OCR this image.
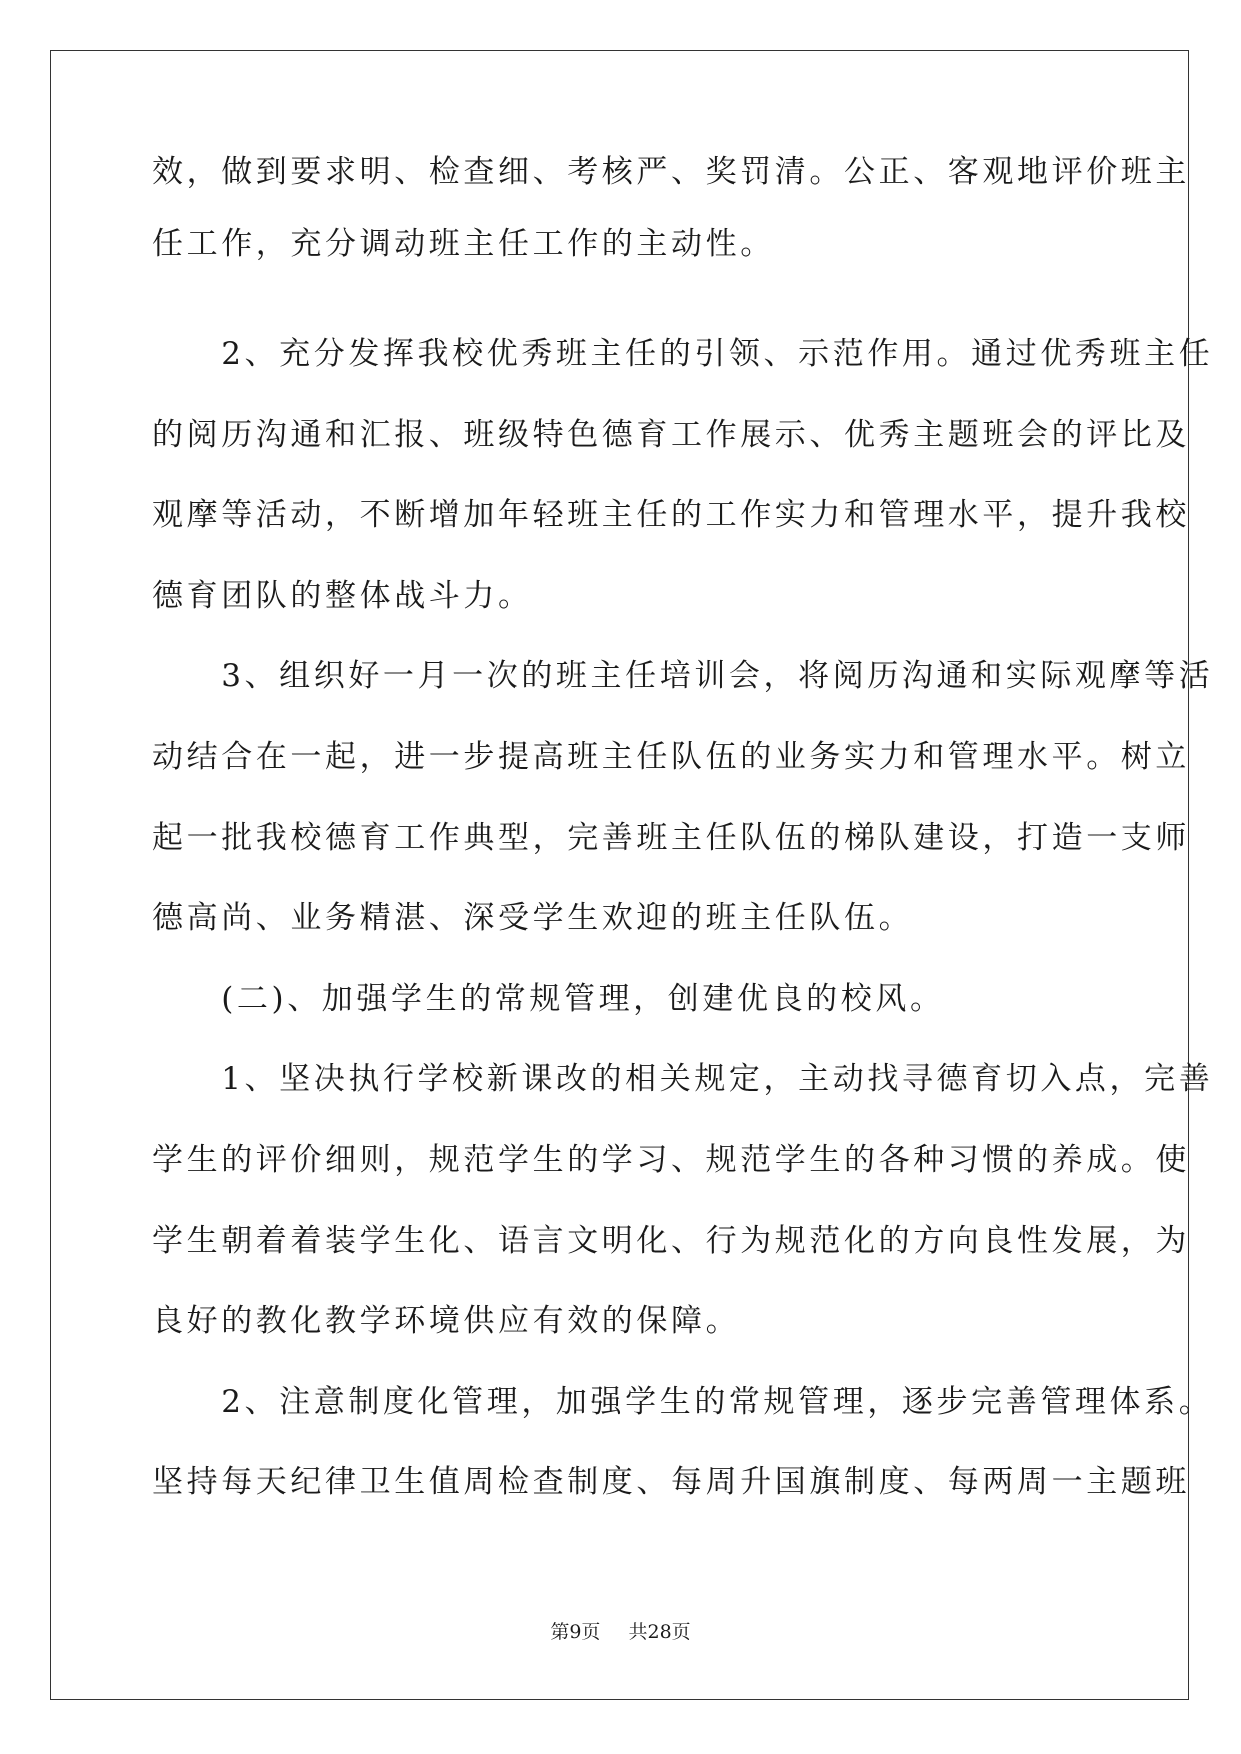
效，做到要求明、检查细、考核严、奖罚清。公正、客观地评价班主
任工作，充分调动班主任工作的主动性。
　　2、充分发挥我校优秀班主任的引领、示范作用。通过优秀班主任
的阅历沟通和汇报、班级特色德育工作展示、优秀主题班会的评比及
观摩等活动，不断增加年轻班主任的工作实力和管理水平，提升我校
德育团队的整体战斗力。
　　3、组织好一月一次的班主任培训会，将阅历沟通和实际观摩等活
动结合在一起，进一步提高班主任队伍的业务实力和管理水平。树立
起一批我校德育工作典型，完善班主任队伍的梯队建设，打造一支师
德高尚、业务精湛、深受学生欢迎的班主任队伍。
　　(二)、加强学生的常规管理，创建优良的校风。
　　1、坚决执行学校新课改的相关规定，主动找寻德育切入点，完善
学生的评价细则，规范学生的学习、规范学生的各种习惯的养成。使
学生朝着着装学生化、语言文明化、行为规范化的方向良性发展，为
良好的教化教学环境供应有效的保障。
　　2、注意制度化管理，加强学生的常规管理，逐步完善管理体系。
坚持每天纪律卫生值周检查制度、每周升国旗制度、每两周一主题班
第9页 共28页
